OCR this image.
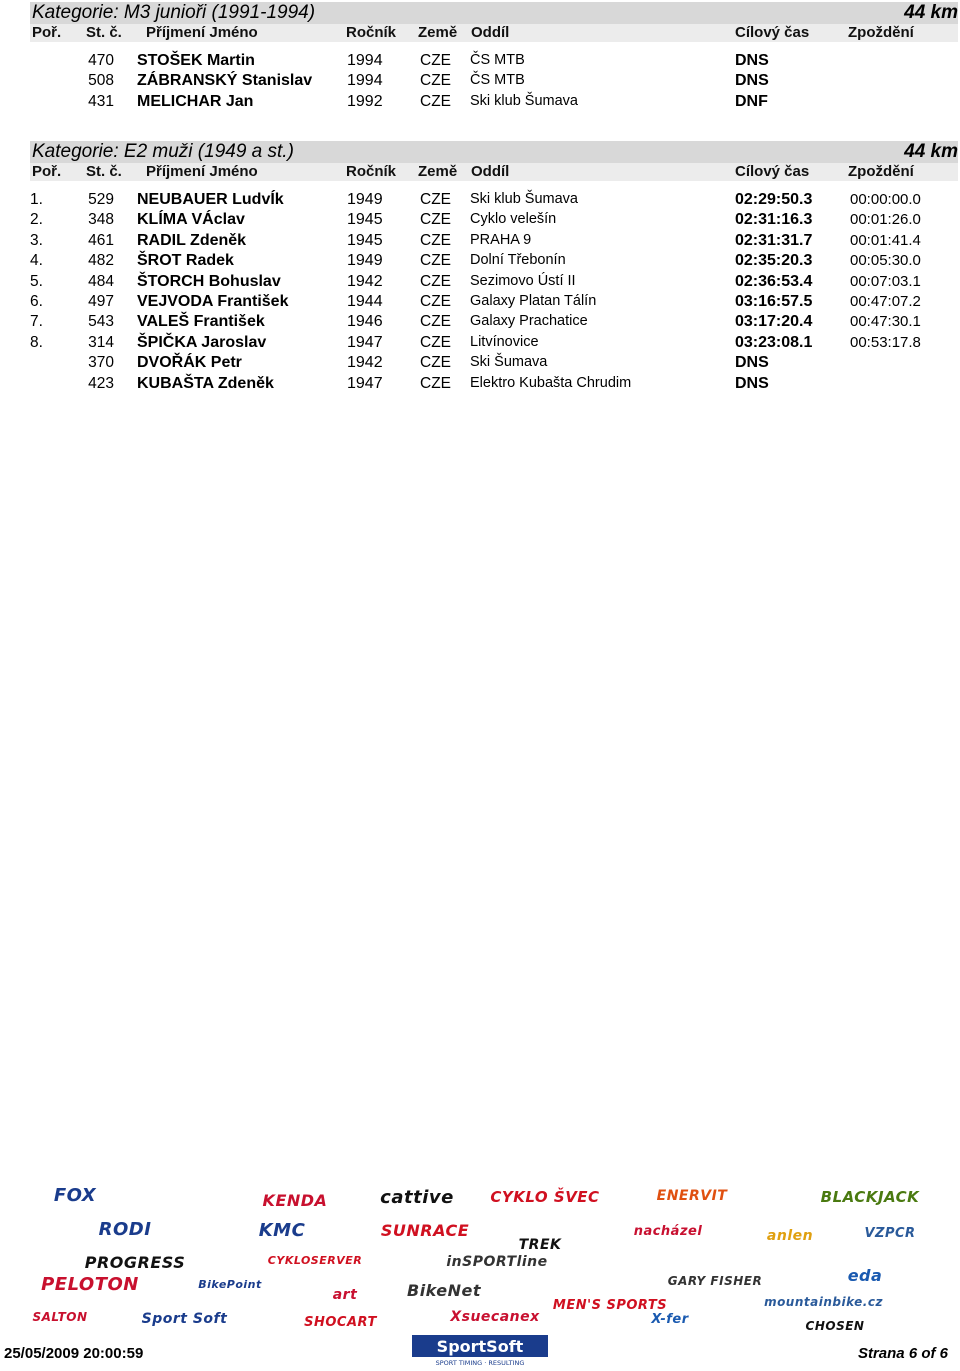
Kategorie: M3 junioři (1991-1994)	44 km
Poř. St. č. Příjmení Jméno	Ročník Země Oddíl	Cílový čas	Zpoždění
470 STOŠEK Martin	1994 CZE ČS MTB	DNS
508 ZÁBRANSKÝ Stanislav 1994 CZE ČS MTB	DNS
431 MELICHAR Jan	1992 CZE Ski klub Šumava	DNF
Kategorie: E2 muži (1949 a st.)	44 km
Poř. St. č. Příjmení Jméno	Ročník Země Oddíl	Cílový čas	Zpoždění
1.	529 NEUBAUER LudvÍk	1949 CZE Ski klub Šumava	02:29:50.3	00:00:00.0
2.	348 KLÍMA VÁclav	1945 CZE Cyklo velešín	02:31:16.3	00:01:26.0
3.	461 RADIL Zdeněk	1945 CZE PRAHA 9	02:31:31.7	00:01:41.4
4.	482 ŠROT Radek	1949 CZE Dolní Třebonín	02:35:20.3	00:05:30.0
5.	484 ŠTORCH Bohuslav	1942 CZE Sezimovo Ústí II	02:36:53.4	00:07:03.1
6.	497 VEJVODA František	1944 CZE Galaxy Platan Tálín	03:16:57.5	00:47:07.2
7.	543 VALEŠ František	1946 CZE Galaxy Prachatice	03:17:20.4	00:47:30.1
8.	314 ŠPIČKA Jaroslav	1947 CZE Litvínovice	03:23:08.1	00:53:17.8
370 DVOŘÁK Petr	1942 CZE Ski Šumava	DNS
423 KUBAŠTA Zdeněk	1947 CZE Elektro Kubašta Chrudim	DNS
FOX	KENDA	cattive	CYKLO ŠVEC	ENERVIT	BLACKJACK
RODI	KMC	SUNRACE
TREK
nacházel	anlen	VZPCR
PROGRESS	CYKLOSERVER	inSPORTline
PELOTON	BikePoint
art	BikeNet	GARY FISHER	eda
SALTON	Sport Soft	SHOCART	Xsuecanex
MEN'S SPORTS
X-fer
mountainbike.cz
CHOSEN
25/05/2009 20:00:59	SportSoft
SPORT TIMING · RESULTING
Strana 6 of 6
